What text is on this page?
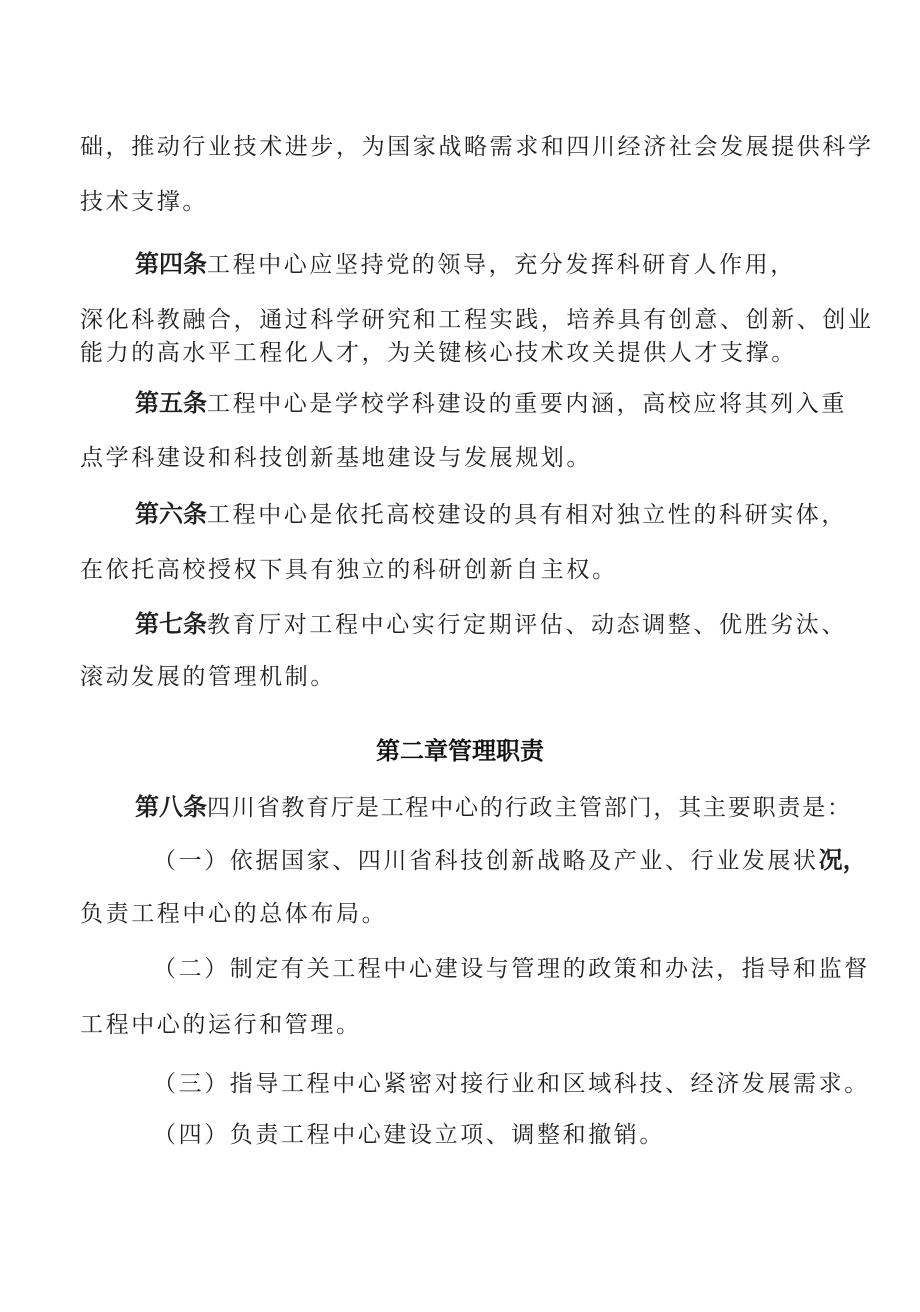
础，推动行业技术进步，为国家战略需求和四川经济社会发展提供科学
技术支撑。
第四条工程中心应坚持党的领导，充分发挥科研育人作用，
深化科教融合，通过科学研究和工程实践，培养具有创意、创新、创业
能力的高水平工程化人才，为关键核心技术攻关提供人才支撑。
第五条工程中心是学校学科建设的重要内涵，高校应将其列入重
点学科建设和科技创新基地建设与发展规划。
第六条工程中心是依托高校建设的具有相对独立性的科研实体，
在依托高校授权下具有独立的科研创新自主权。
第七条教育厅对工程中心实行定期评估、动态调整、优胜劣汰、
滚动发展的管理机制。
第二章管理职责
第八条四川省教育厅是工程中心的行政主管部门，其主要职责是：
（一）依据国家、四川省科技创新战略及产业、行业发展状况，
负责工程中心的总体布局。
（二）制定有关工程中心建设与管理的政策和办法，指导和监督
工程中心的运行和管理。
（三）指导工程中心紧密对接行业和区域科技、经济发展需求。
（四）负责工程中心建设立项、调整和撤销。
